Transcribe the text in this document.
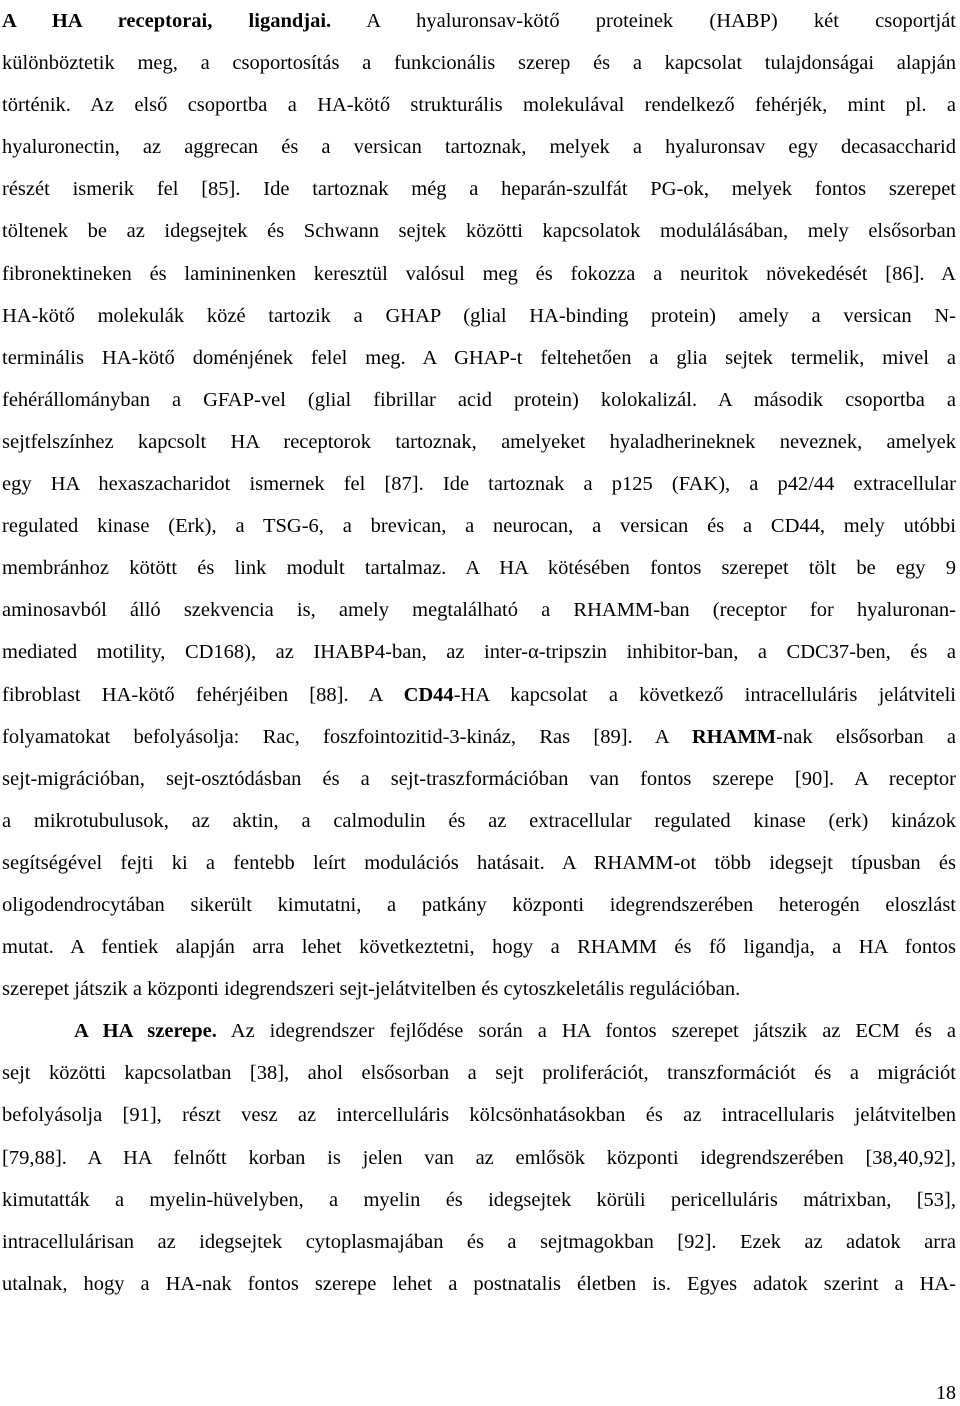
A HA receptorai, ligandjai. A hyaluronsav-kötő proteinek (HABP) két csoportját
különböztetik meg, a csoportosítás a funkcionális szerep és a kapcsolat tulajdonságai alapján
történik. Az első csoportba a HA-kötő strukturális molekulával rendelkező fehérjék, mint pl. a
hyaluronectin, az aggrecan és a versican tartoznak, melyek a hyaluronsav egy decasaccharid
részét ismerik fel [85]. Ide tartoznak még a heparán-szulfát PG-ok, melyek fontos szerepet
töltenek be az idegsejtek és Schwann sejtek közötti kapcsolatok modulálásában, mely elsősorban
fibronektineken és lamininenken keresztül valósul meg és fokozza a neuritok növekedését [86]. A
HA-kötő molekulák közé tartozik a GHAP (glial HA-binding protein) amely a versican N-
terminális HA-kötő doménjének felel meg. A GHAP-t feltehetően a glia sejtek termelik, mivel a
fehérállományban a GFAP-vel (glial fibrillar acid protein) kolokalizál. A második csoportba a
sejtfelszínhez kapcsolt HA receptorok tartoznak, amelyeket hyaladherineknek neveznek, amelyek
egy HA hexaszacharidot ismernek fel [87]. Ide tartoznak a p125 (FAK), a p42/44 extracellular
regulated kinase (Erk), a TSG-6, a brevican, a neurocan, a versican és a CD44, mely utóbbi
membránhoz kötött és link modult tartalmaz. A HA kötésében fontos szerepet tölt be egy 9
aminosavból álló szekvencia is, amely megtalálható a RHAMM-ban (receptor for hyaluronan-
mediated motility, CD168), az IHABP4-ban, az inter-α-tripszin inhibitor-ban, a CDC37-ben, és a
fibroblast HA-kötő fehérjéiben [88]. A CD44-HA kapcsolat a következő intracelluláris jelátviteli
folyamatokat befolyásolja: Rac, foszfointozitid-3-kináz, Ras [89]. A RHAMM-nak elsősorban a
sejt-migrációban, sejt-osztódásban és a sejt-traszformációban van fontos szerepe [90]. A receptor
a mikrotubulusok, az aktin, a calmodulin és az extracellular regulated kinase (erk) kinázok
segítségével fejti ki a fentebb leírt modulációs hatásait. A RHAMM-ot több idegsejt típusban és
oligodendrocytában sikerült kimutatni, a patkány központi idegrendszerében heterogén eloszlást
mutat. A fentiek alapján arra lehet következtetni, hogy a RHAMM és fő ligandja, a HA fontos
szerepet játszik a központi idegrendszeri sejt-jelátvitelben és cytoszkeletális regulációban.
A HA szerepe. Az idegrendszer fejlődése során a HA fontos szerepet játszik az ECM és a
sejt közötti kapcsolatban [38], ahol elsősorban a sejt proliferációt, transzformációt és a migrációt
befolyásolja [91], részt vesz az intercelluláris kölcsönhatásokban és az intracellularis jelátvitelben
[79,88]. A HA felnőtt korban is jelen van az emlősök központi idegrendszerében [38,40,92],
kimutatták a myelin-hüvelyben, a myelin és idegsejtek körüli pericelluláris mátrixban, [53],
intracellulárisan az idegsejtek cytoplasmajában és a sejtmagokban [92]. Ezek az adatok arra
utalnak, hogy a HA-nak fontos szerepe lehet a postnatalis életben is. Egyes adatok szerint a HA-
18
